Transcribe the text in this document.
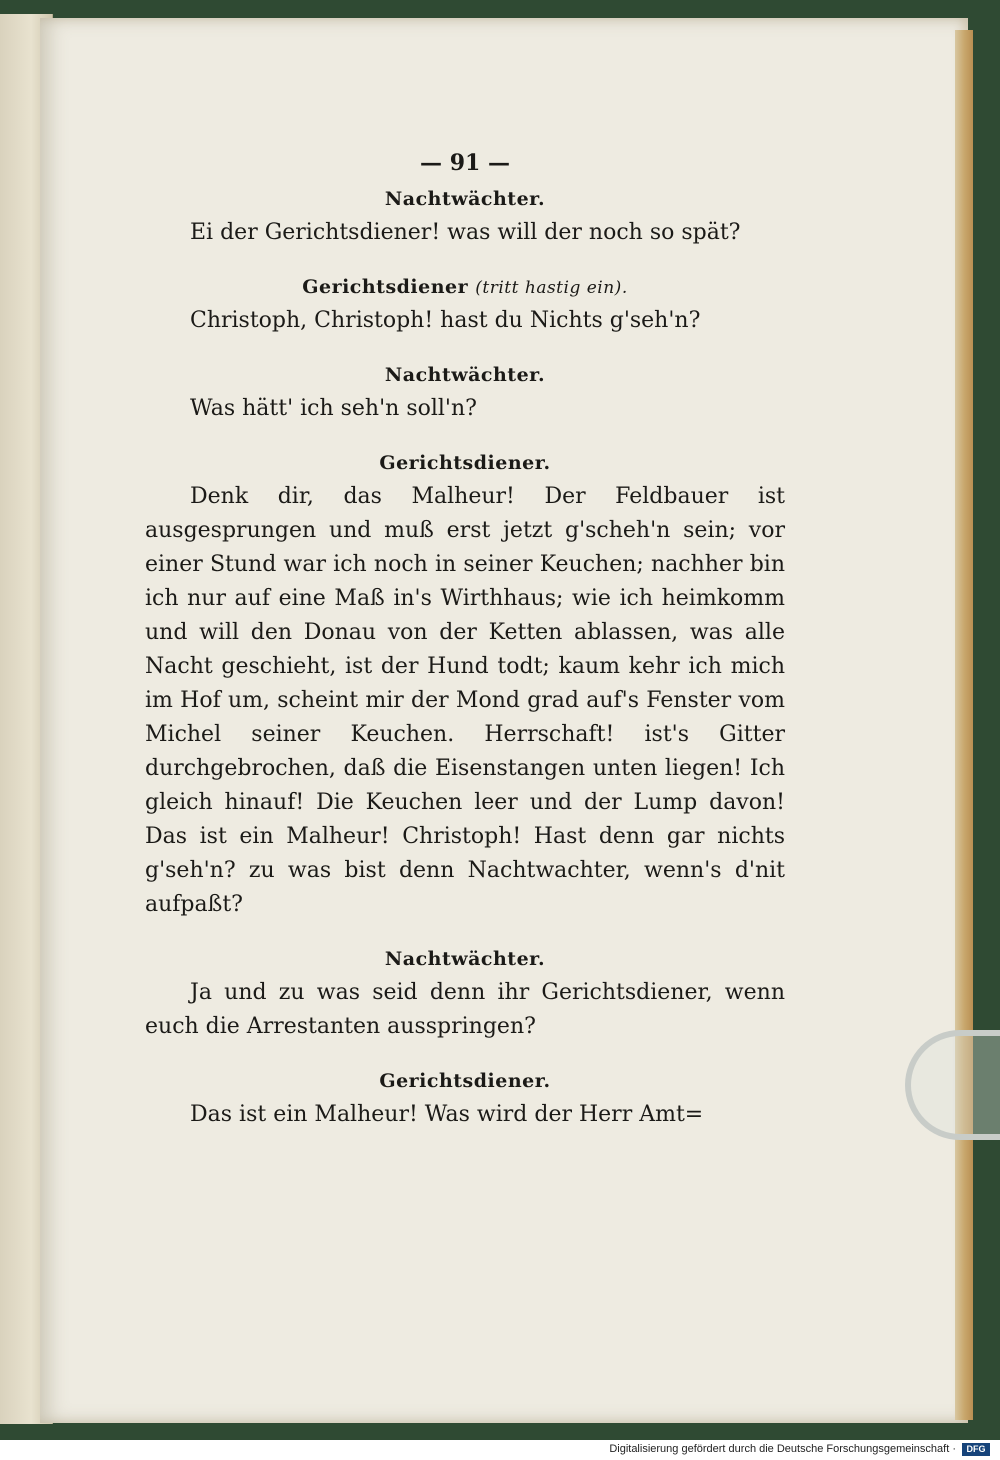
— 91 —

Nachtwächter.

Ei der Gerichtsdiener! was will der noch so spät?

Gerichtsdiener (tritt hastig ein).

Christoph, Christoph! hast du Nichts g'seh'n?

Nachtwächter.

Was hätt' ich seh'n soll'n?

Gerichtsdiener.

Denk dir, das Malheur! Der Feldbauer ist ausgesprungen und muß erst jetzt g'scheh'n sein; vor einer Stund war ich noch in seiner Keuchen; nachher bin ich nur auf eine Maß in's Wirthhaus; wie ich heimkomm und will den Donau von der Ketten ablassen, was alle Nacht geschieht, ist der Hund todt; kaum kehr ich mich im Hof um, scheint mir der Mond grad auf's Fenster vom Michel seiner Keuchen. Herrschaft! ist's Gitter durchgebrochen, daß die Eisenstangen unten liegen! Ich gleich hinauf! Die Keuchen leer und der Lump davon! Das ist ein Malheur! Christoph! Hast denn gar nichts g'seh'n? zu was bist denn Nachtwachter, wenn's d'nit aufpaßt?

Nachtwächter.

Ja und zu was seid denn ihr Gerichtsdiener, wenn euch die Arrestanten ausspringen?

Gerichtsdiener.

Das ist ein Malheur! Was wird der Herr Amt=

Digitalisierung gefördert durch die Deutsche Forschungsgemeinschaft ·	DFG
